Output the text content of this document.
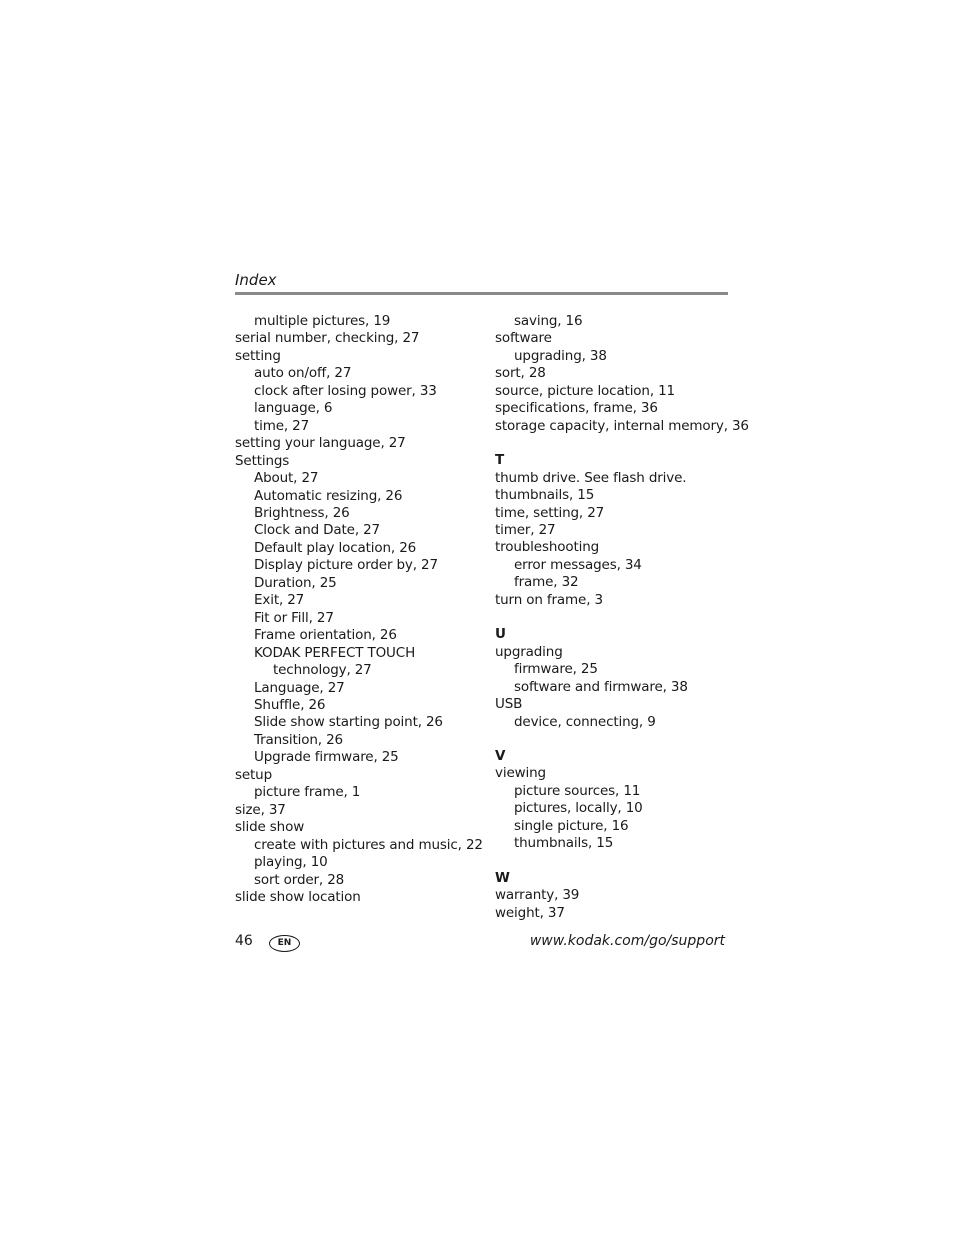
Index
multiple pictures, 19
serial number, checking, 27
setting
auto on/off, 27
clock after losing power, 33
language, 6
time, 27
setting your language, 27
Settings
About, 27
Automatic resizing, 26
Brightness, 26
Clock and Date, 27
Default play location, 26
Display picture order by, 27
Duration, 25
Exit, 27
Fit or Fill, 27
Frame orientation, 26
KODAK PERFECT TOUCH
technology, 27
Language, 27
Shuffle, 26
Slide show starting point, 26
Transition, 26
Upgrade firmware, 25
setup
picture frame, 1
size, 37
slide show
create with pictures and music, 22
playing, 10
sort order, 28
slide show location
saving, 16
software
upgrading, 38
sort, 28
source, picture location, 11
specifications, frame, 36
storage capacity, internal memory, 36
T
thumb drive. See flash drive.
thumbnails, 15
time, setting, 27
timer, 27
troubleshooting
error messages, 34
frame, 32
turn on frame, 3
U
upgrading
firmware, 25
software and firmware, 38
USB
device, connecting, 9
V
viewing
picture sources, 11
pictures, locally, 10
single picture, 16
thumbnails, 15
W
warranty, 39
weight, 37
46	EN	www.kodak.com/go/support
